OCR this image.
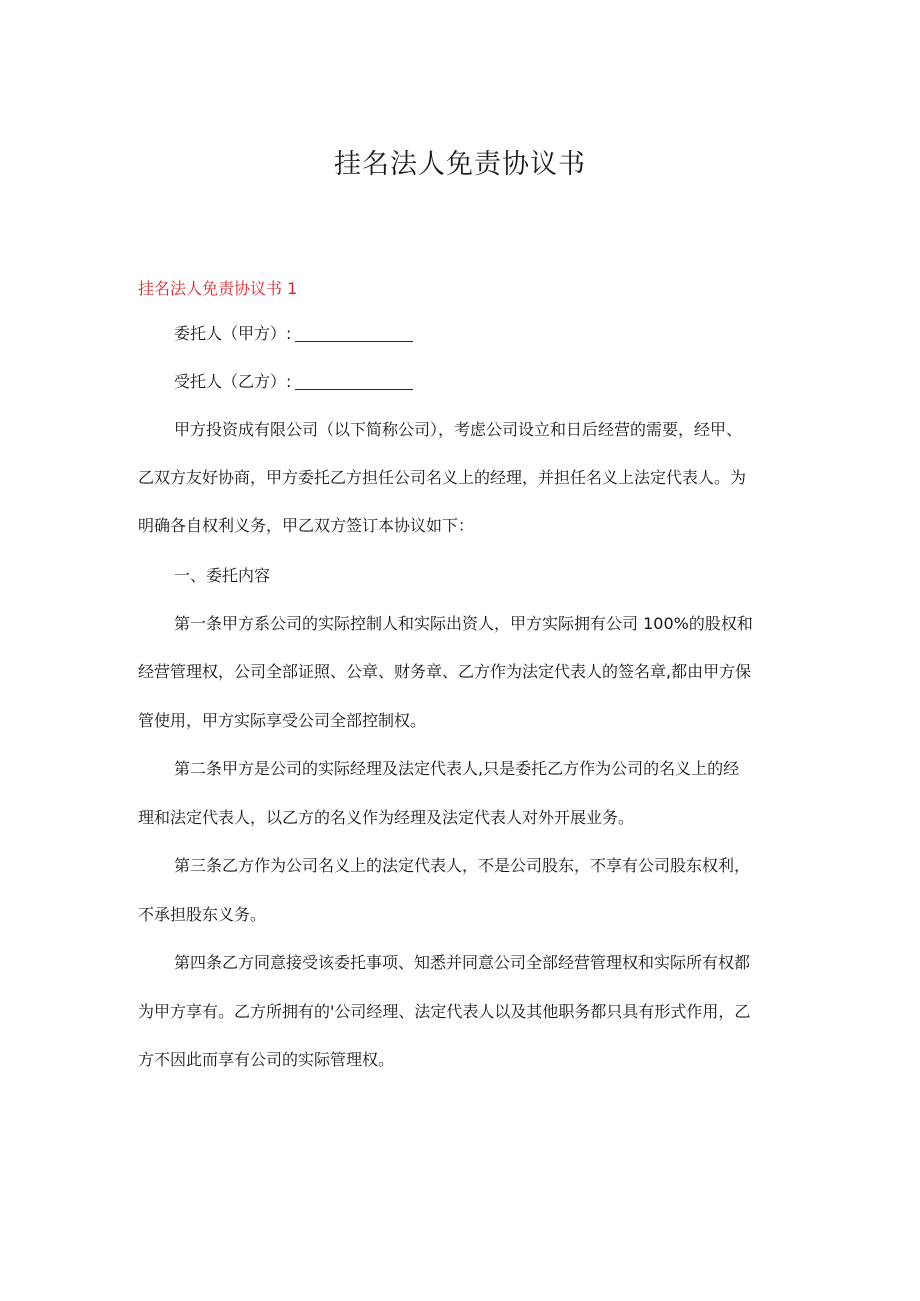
挂名法人免责协议书
挂名法人免责协议书 1
委托人（甲方）:
受托人（乙方）:
甲方投资成有限公司（以下简称公司），考虑公司设立和日后经营的需要，经甲、
乙双方友好协商，甲方委托乙方担任公司名义上的经理，并担任名义上法定代表人。为
明确各自权利义务，甲乙双方签订本协议如下：
一、委托内容
第一条甲方系公司的实际控制人和实际出资人，甲方实际拥有公司 100%的股权和
经营管理权，公司全部证照、公章、财务章、乙方作为法定代表人的签名章,都由甲方保
管使用，甲方实际享受公司全部控制权。
第二条甲方是公司的实际经理及法定代表人,只是委托乙方作为公司的名义上的经
理和法定代表人，以乙方的名义作为经理及法定代表人对外开展业务。
第三条乙方作为公司名义上的法定代表人，不是公司股东，不享有公司股东权利，
不承担股东义务。
第四条乙方同意接受该委托事项、知悉并同意公司全部经营管理权和实际所有权都
为甲方享有。乙方所拥有的'公司经理、法定代表人以及其他职务都只具有形式作用，乙
方不因此而享有公司的实际管理权。
